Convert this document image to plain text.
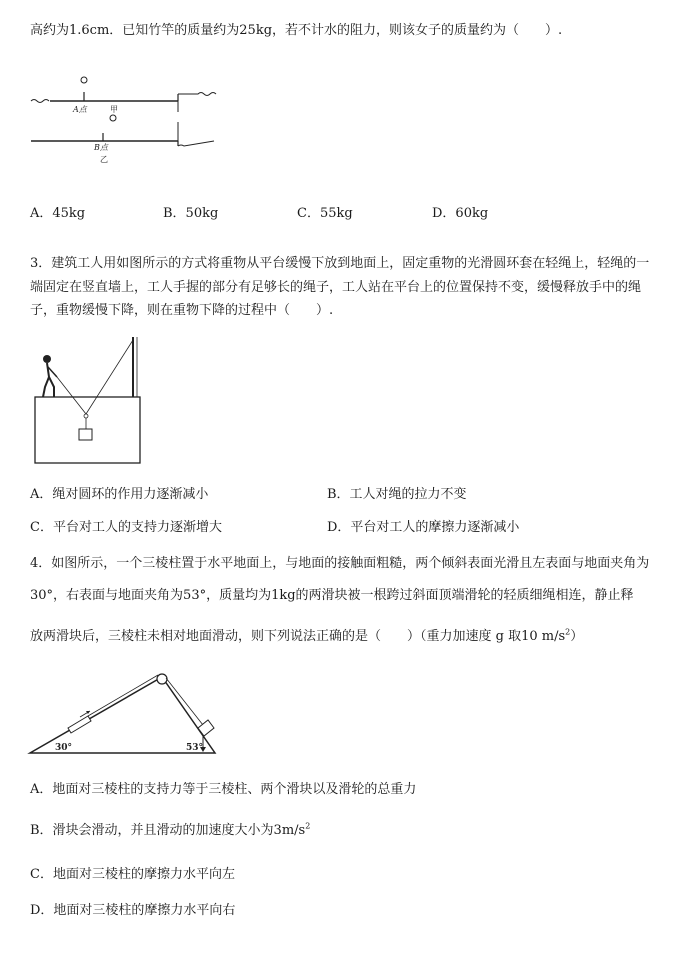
高约为1.6cm．已知竹竿的质量约为25kg，若不计水的阻力，则该女子的质量约为（　　）.
A点	甲
B点
乙
A．45kg	B．50kg	C．55kg	D．60kg
3．建筑工人用如图所示的方式将重物从平台缓慢下放到地面上，固定重物的光滑圆环套在轻绳上，轻绳的一
端固定在竖直墙上，工人手握的部分有足够长的绳子，工人站在平台上的位置保持不变，缓慢释放手中的绳
子，重物缓慢下降，则在重物下降的过程中（　　）.
A．绳对圆环的作用力逐渐减小	B．工人对绳的拉力不变
C．平台对工人的支持力逐渐增大	D．平台对工人的摩擦力逐渐减小
4．如图所示，一个三棱柱置于水平地面上，与地面的接触面粗糙，两个倾斜表面光滑且左表面与地面夹角为
30°，右表面与地面夹角为53°，质量均为1kg的两滑块被一根跨过斜面顶端滑轮的轻质细绳相连，静止释
放两滑块后，三棱柱未相对地面滑动，则下列说法正确的是（　　）（重力加速度 g 取10 $m/s^2$）
30°	53°
A．地面对三棱柱的支持力等于三棱柱、两个滑块以及滑轮的总重力
B．滑块会滑动，并且滑动的加速度大小为$3m/s^2$
C．地面对三棱柱的摩擦力水平向左
D．地面对三棱柱的摩擦力水平向右
